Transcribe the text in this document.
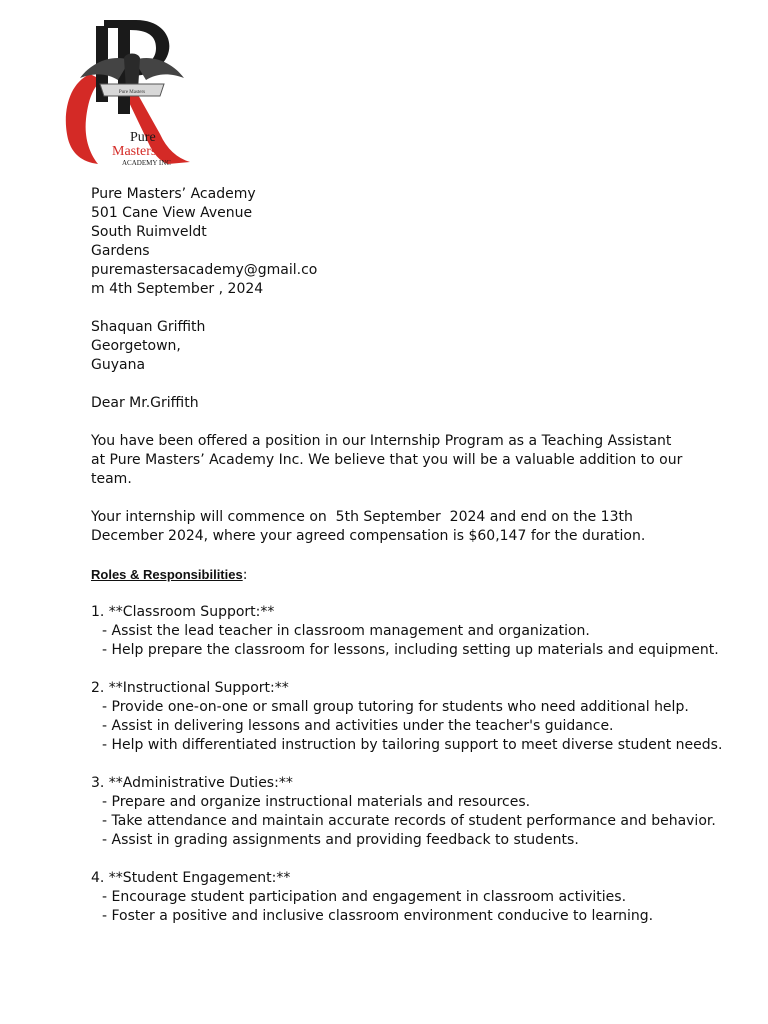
Pure Masters
Pure
Masters
ACADEMY INC
Pure Masters’ Academy
501 Cane View Avenue
South Ruimveldt
Gardens
puremastersacademy@gmail.co
m 4th September , 2024
Shaquan Griffith
Georgetown,
Guyana
Dear Mr.Griffith
You have been offered a position in our Internship Program as a Teaching Assistant
at Pure Masters’ Academy Inc. We believe that you will be a valuable addition to our
team.
Your internship will commence on  5th September  2024 and end on the 13th
December 2024, where your agreed compensation is $60,147 for the duration.
Roles & Responsibilities:
1. **Classroom Support:**
- Assist the lead teacher in classroom management and organization.
- Help prepare the classroom for lessons, including setting up materials and equipment.
2. **Instructional Support:**
- Provide one-on-one or small group tutoring for students who need additional help.
- Assist in delivering lessons and activities under the teacher's guidance.
- Help with differentiated instruction by tailoring support to meet diverse student needs.
3. **Administrative Duties:**
- Prepare and organize instructional materials and resources.
- Take attendance and maintain accurate records of student performance and behavior.
- Assist in grading assignments and providing feedback to students.
4. **Student Engagement:**
- Encourage student participation and engagement in classroom activities.
- Foster a positive and inclusive classroom environment conducive to learning.
